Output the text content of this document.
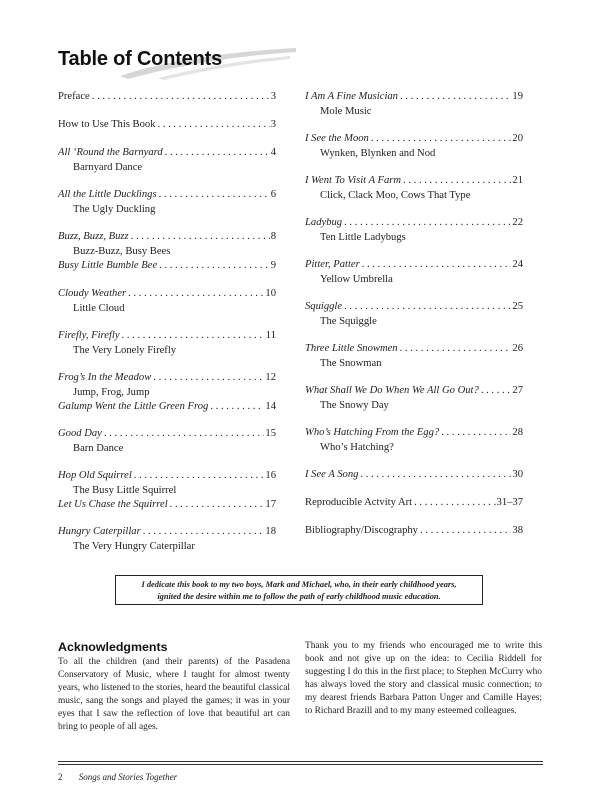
Table of Contents
Preface . . .	3
How to Use This Book . . .	3
All ‘Round the Barnyard . . .	4
Barnyard Dance
All the Little Ducklings . . .	6
The Ugly Duckling
Buzz, Buzz, Buzz . . .	8
Buzz-Buzz, Busy Bees
Busy Little Bumble Bee . . .	9
Cloudy Weather . . .	10
Little Cloud
Firefly, Firefly . . .	11
The Very Lonely Firefly
Frog’s In the Meadow . . .	12
Jump, Frog, Jump
Galump Went the Little Green Frog . . .	14
Good Day . . .	15
Barn Dance
Hop Old Squirrel . . .	16
The Busy Little Squirrel
Let Us Chase the Squirrel . . .	17
Hungry Caterpillar . . .	18
The Very Hungry Caterpillar
I Am A Fine Musician . . .	19
Mole Music
I See the Moon . . .	20
Wynken, Blynken and Nod
I Went To Visit A Farm . . .	21
Click, Clack Moo, Cows That Type
Ladybug . . .	22
Ten Little Ladybugs
Pitter, Patter . . .	24
Yellow Umbrella
Squiggle . . .	25
The Squiggle
Three Little Snowmen . . .	26
The Snowman
What Shall We Do When We All Go Out? . . .	27
The Snowy Day
Who’s Hatching From the Egg? . . .	28
Who’s Hatching?
I See A Song . . .	30
Reproducible Actvity Art . . .	31–37
Bibliography/Discography . . .	38
I dedicate this book to my two boys, Mark and Michael, who, in their early childhood years,
ignited the desire within me to follow the path of early childhood music education.
Acknowledgments
To all the children (and their parents) of the Pasadena Conservatory of Music, where I taught for almost twenty years, who listened to the stories, heard the beautiful classical music, sang the songs and played the games; it was in your eyes that I saw the reflection of love that beautiful art can bring to people of all ages.
Thank you to my friends who encouraged me to write this book and not give up on the idea: to Cecilia Riddell for suggesting I do this in the first place; to Stephen McCurry who has always loved the story and classical music connection; to my dearest friends Barbara Patton Unger and Camille Hayes; to Richard Brazill and to my many esteemed colleagues.
2 Songs and Stories Together
